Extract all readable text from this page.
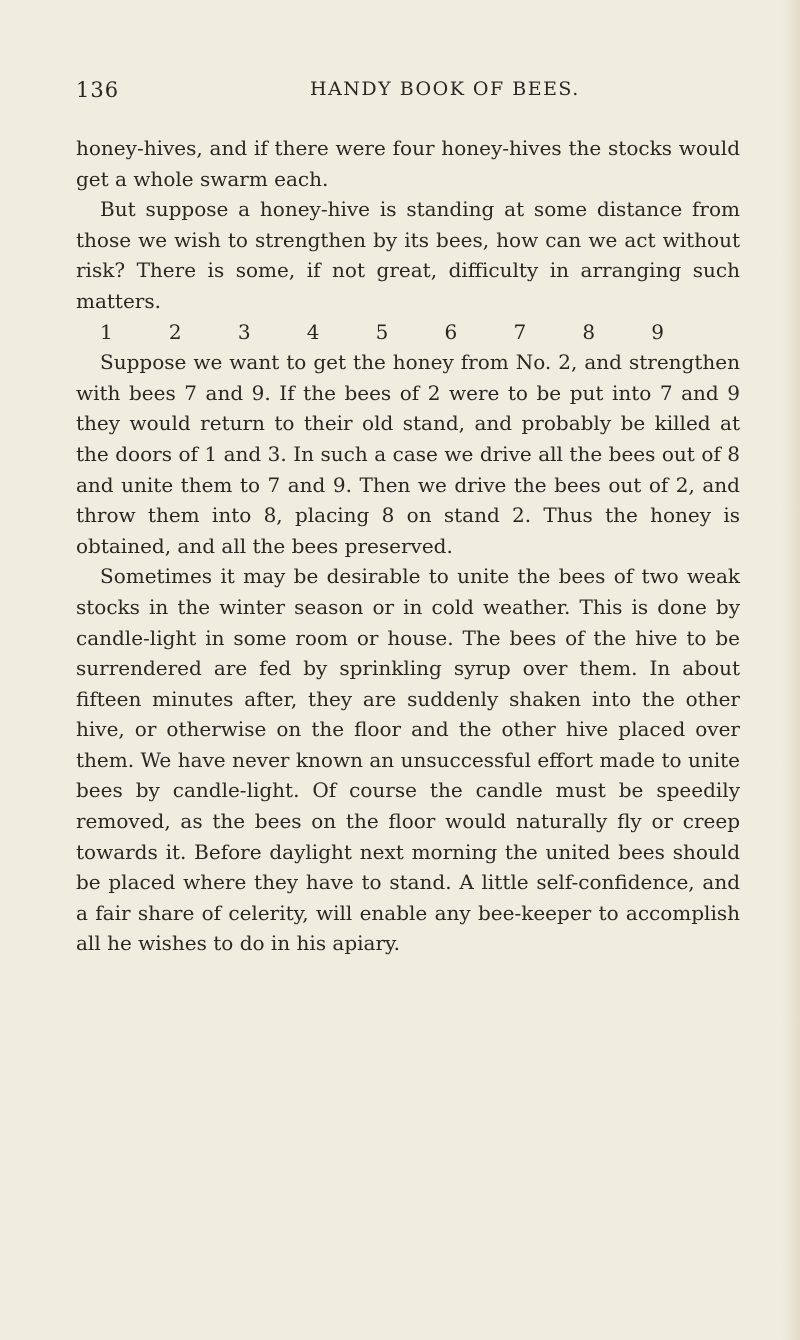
136	HANDY BOOK OF BEES.

honey-hives, and if there were four honey-hives the stocks would get a whole swarm each.

But suppose a honey-hive is standing at some distance from those we wish to strengthen by its bees, how can we act without risk? There is some, if not great, difficulty in arranging such matters.

1	2	3	4	5	6	7	8	9

Suppose we want to get the honey from No. 2, and strengthen with bees 7 and 9. If the bees of 2 were to be put into 7 and 9 they would return to their old stand, and probably be killed at the doors of 1 and 3. In such a case we drive all the bees out of 8 and unite them to 7 and 9. Then we drive the bees out of 2, and throw them into 8, placing 8 on stand 2. Thus the honey is obtained, and all the bees preserved.

Sometimes it may be desirable to unite the bees of two weak stocks in the winter season or in cold weather. This is done by candle-light in some room or house. The bees of the hive to be surrendered are fed by sprinkling syrup over them. In about fifteen minutes after, they are suddenly shaken into the other hive, or otherwise on the floor and the other hive placed over them. We have never known an unsuccessful effort made to unite bees by candle-light. Of course the candle must be speedily removed, as the bees on the floor would naturally fly or creep towards it. Before daylight next morning the united bees should be placed where they have to stand. A little self-confidence, and a fair share of celerity, will enable any bee-keeper to accomplish all he wishes to do in his apiary.
